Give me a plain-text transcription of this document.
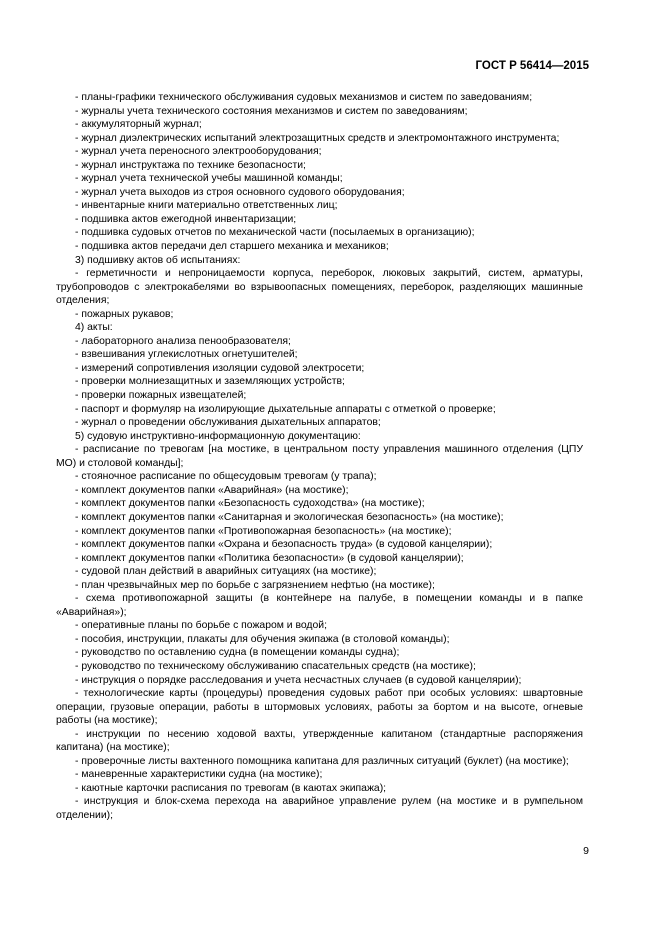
ГОСТ Р 56414—2015

- планы-графики технического обслуживания судовых механизмов и систем по заведованиям;

- журналы учета технического состояния механизмов и систем по заведованиям;

- аккумуляторный журнал;

- журнал диэлектрических испытаний электрозащитных средств и электромонтажного инструмента;

- журнал учета переносного электрооборудования;

- журнал инструктажа по технике безопасности;

- журнал учета технической учебы машинной команды;

- журнал учета выходов из строя основного судового оборудования;

- инвентарные книги материально ответственных лиц;

- подшивка актов ежегодной инвентаризации;

- подшивка судовых отчетов по механической части (посылаемых в организацию);

- подшивка актов передачи дел старшего механика и механиков;

3) подшивку актов об испытаниях:

- герметичности и непроницаемости корпуса, переборок, люковых закрытий, систем, арматуры, трубопроводов с электрокабелями во взрывоопасных помещениях, переборок, разделяющих машинные отделения;

- пожарных рукавов;

4) акты:

- лабораторного анализа пенообразователя;

- взвешивания углекислотных огнетушителей;

- измерений сопротивления изоляции судовой электросети;

- проверки молниезащитных и заземляющих устройств;

- проверки пожарных извещателей;

- паспорт и формуляр на изолирующие дыхательные аппараты с отметкой о проверке;

- журнал о проведении обслуживания дыхательных аппаратов;

5) судовую инструктивно-информационную документацию:

- расписание по тревогам [на мостике, в центральном посту управления машинного отделения (ЦПУ МО) и столовой команды];

- стояночное расписание по общесудовым тревогам (у трапа);

- комплект документов папки «Аварийная» (на мостике);

- комплект документов папки «Безопасность судоходства» (на мостике);

- комплект документов папки «Санитарная и экологическая безопасность» (на мостике);

- комплект документов папки «Противопожарная безопасность» (на мостике);

- комплект документов папки «Охрана и безопасность труда» (в судовой канцелярии);

- комплект документов папки «Политика безопасности» (в судовой канцелярии);

- судовой план действий в аварийных ситуациях (на мостике);

- план чрезвычайных мер по борьбе с загрязнением нефтью (на мостике);

- схема противопожарной защиты (в контейнере на палубе, в помещении команды и в папке «Аварийная»);

- оперативные планы по борьбе с пожаром и водой;

- пособия, инструкции, плакаты для обучения экипажа (в столовой команды);

- руководство по оставлению судна (в помещении команды судна);

- руководство по техническому обслуживанию спасательных средств (на мостике);

- инструкция о порядке расследования и учета несчастных случаев (в судовой канцелярии);

- технологические карты (процедуры) проведения судовых работ при особых условиях: швартовные операции, грузовые операции, работы в штормовых условиях, работы за бортом и на высоте, огневые работы (на мостике);

- инструкции по несению ходовой вахты, утвержденные капитаном (стандартные распоряжения капитана) (на мостике);

- проверочные листы вахтенного помощника капитана для различных ситуаций (буклет) (на мостике);

- маневренные характеристики судна (на мостике);

- каютные карточки расписания по тревогам (в каютах экипажа);

- инструкция и блок-схема перехода на аварийное управление рулем (на мостике и в румпельном отделении);

9
